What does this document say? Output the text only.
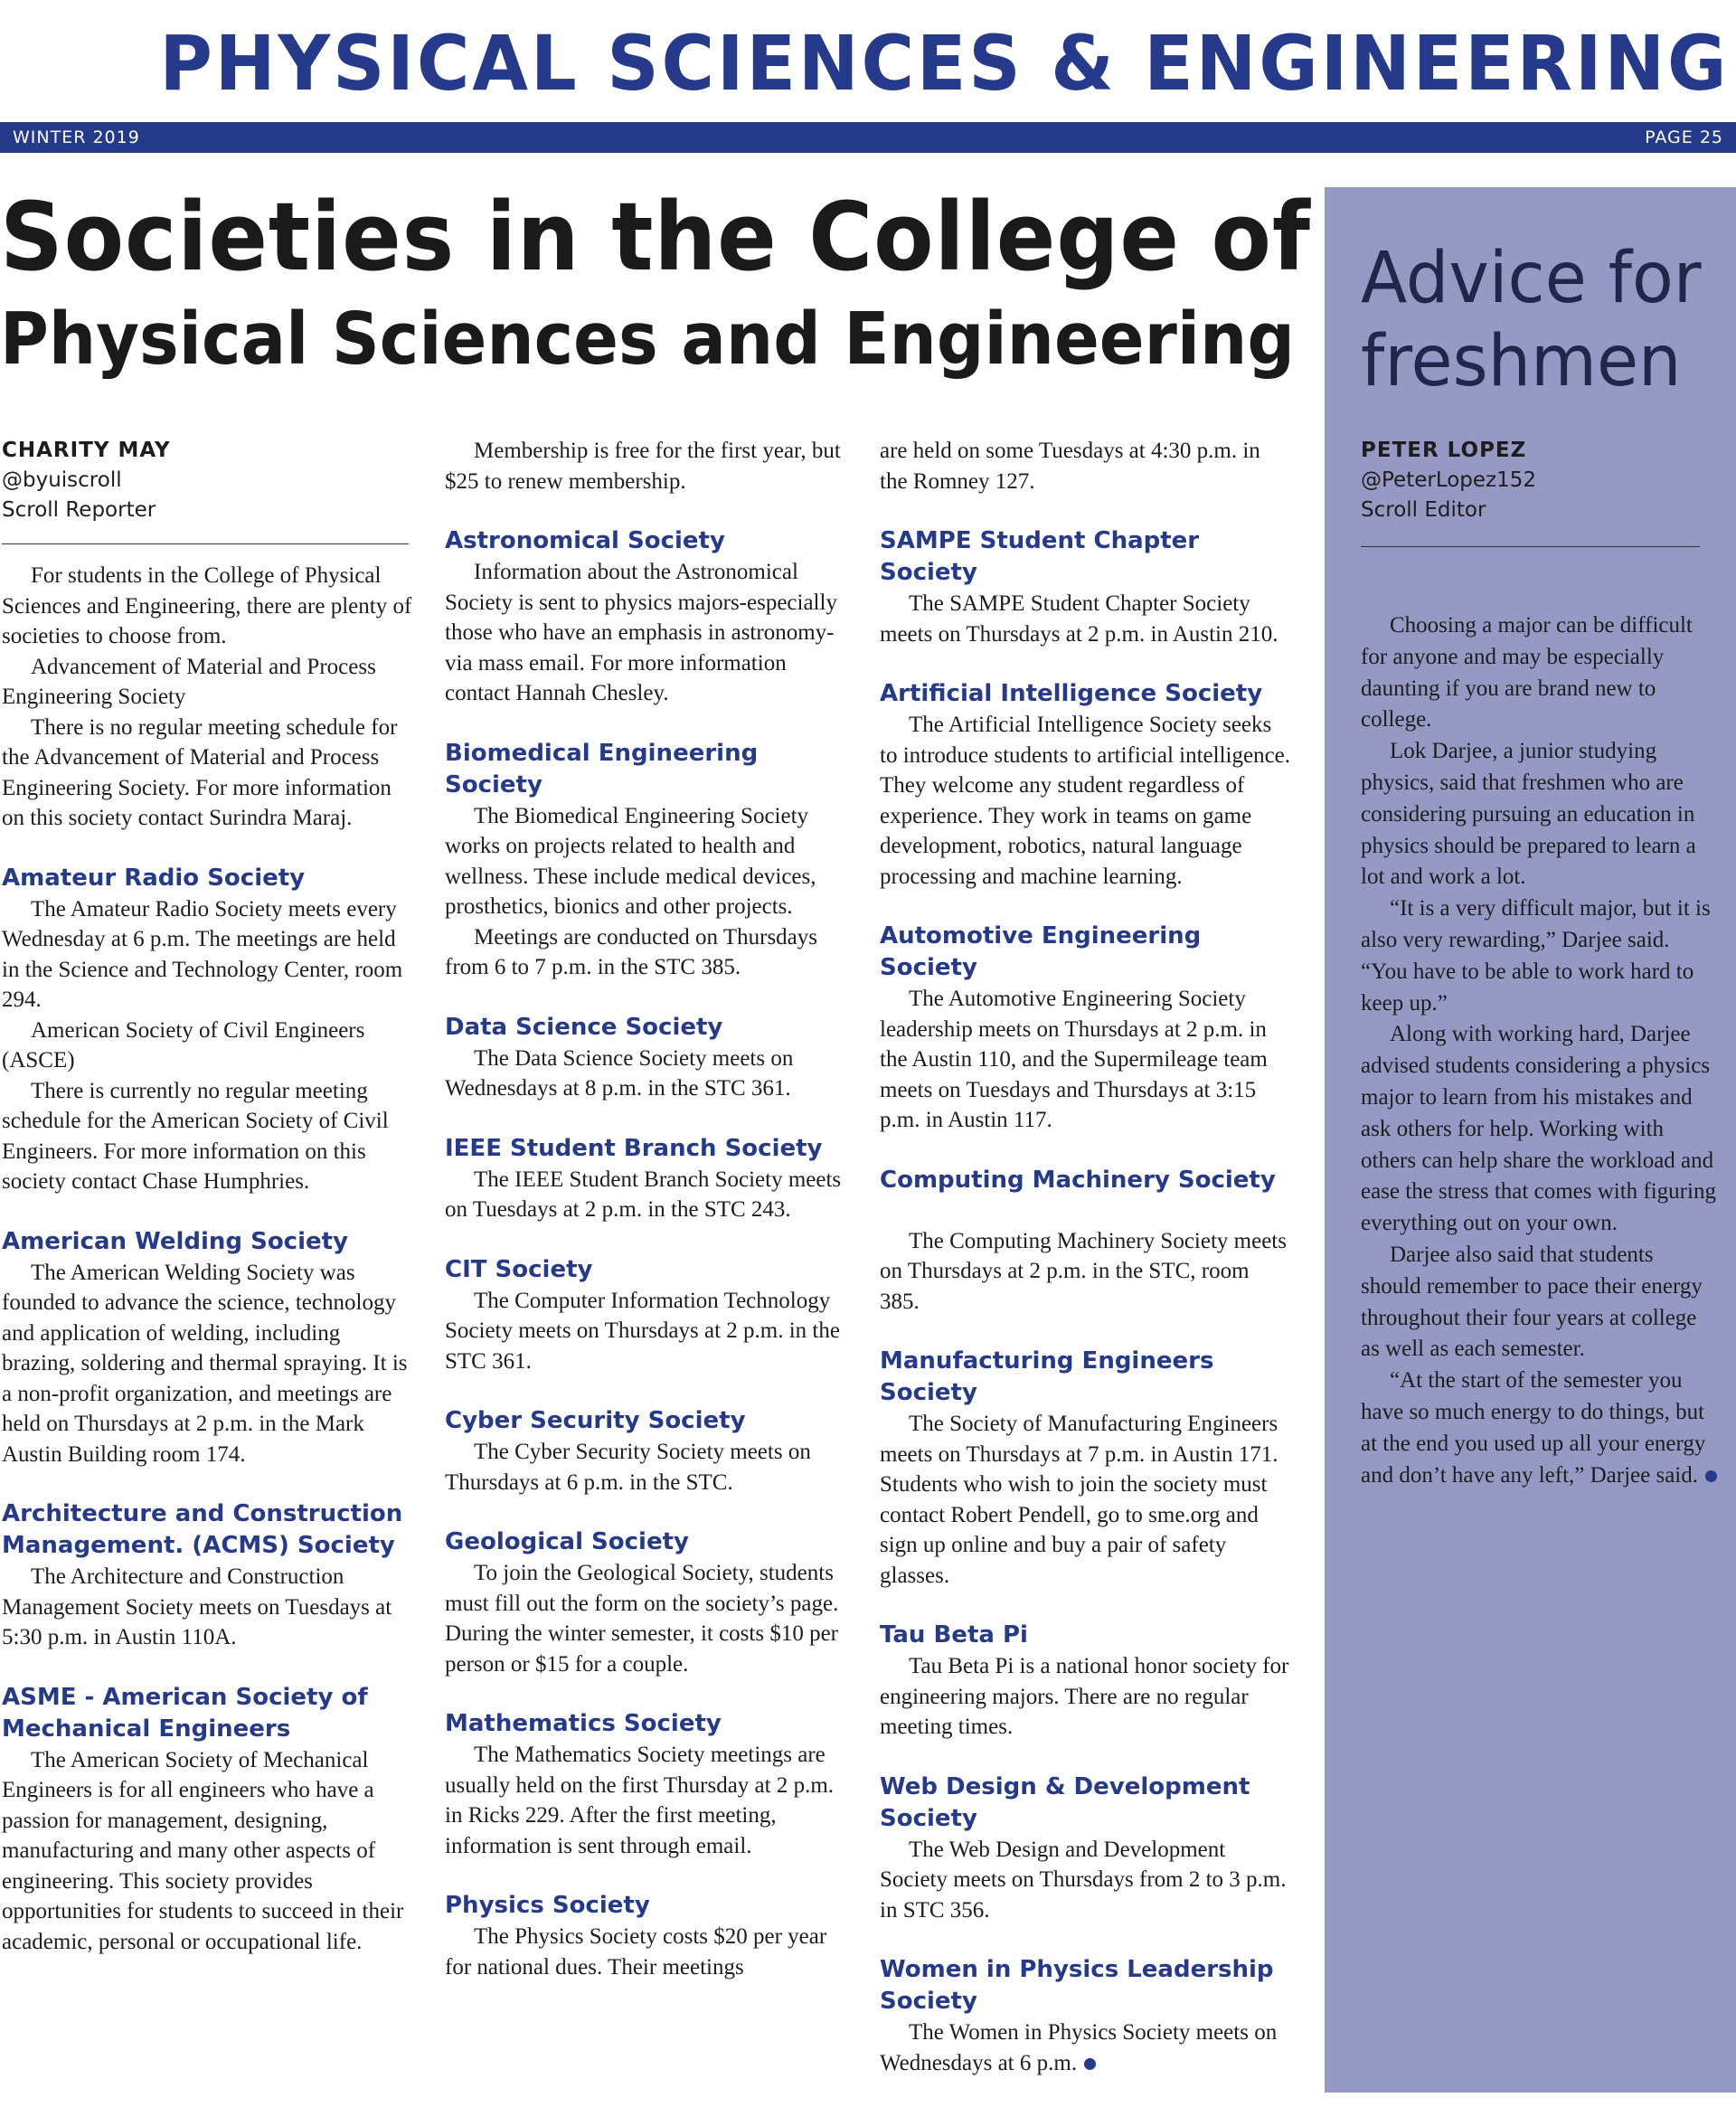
PHYSICAL SCIENCES & ENGINEERING
WINTER 2019	PAGE 25
Societies in the College of
Physical Sciences and Engineering
CHARITY MAY
@byuiscroll
Scroll Reporter

For students in the College of Physical Sciences and Engineering, there are plenty of societies to choose from.

Advancement of Material and Process Engineering Society

There is no regular meeting schedule for the Advancement of Material and Process Engineering Society. For more information on this society contact Surindra Maraj.

Amateur Radio Society

The Amateur Radio Society meets every Wednesday at 6 p.m. The meetings are held in the Science and Technology Center, room 294.

American Society of Civil Engineers (ASCE)

There is currently no regular meeting schedule for the American Society of Civil Engineers. For more information on this society contact Chase Humphries.

American Welding Society

The American Welding Society was founded to advance the science, technology and application of welding, including brazing, soldering and thermal spraying. It is a non-profit organization, and meetings are held on Thursdays at 2 p.m. in the Mark Austin Building room 174.

Architecture and Construction Management. (ACMS) Society

The Architecture and Construction Management Society meets on Tuesdays at 5:30 p.m. in Austin 110A.

ASME - American Society of Mechanical Engineers

The American Society of Mechanical Engineers is for all engineers who have a passion for management, designing, manufacturing and many other aspects of engineering. This society provides opportunities for students to succeed in their academic, personal or occupational life.

Membership is free for the first year, but $25 to renew membership.

Astronomical Society

Information about the Astronomical Society is sent to physics majors-especially those who have an emphasis in astronomy-via mass email. For more information contact Hannah Chesley.

Biomedical Engineering Society

The Biomedical Engineering Society works on projects related to health and wellness. These include medical devices, prosthetics, bionics and other projects.

Meetings are conducted on Thursdays from 6 to 7 p.m. in the STC 385.

Data Science Society

The Data Science Society meets on Wednesdays at 8 p.m. in the STC 361.

IEEE Student Branch Society

The IEEE Student Branch Society meets on Tuesdays at 2 p.m. in the STC 243.

CIT Society

The Computer Information Technology Society meets on Thursdays at 2 p.m. in the STC 361.

Cyber Security Society

The Cyber Security Society meets on Thursdays at 6 p.m. in the STC.

Geological Society

To join the Geological Society, students must fill out the form on the society’s page. During the winter semester, it costs $10 per person or $15 for a couple.

Mathematics Society

The Mathematics Society meetings are usually held on the first Thursday at 2 p.m. in Ricks 229. After the first meeting, information is sent through email.

Physics Society

The Physics Society costs $20 per year for national dues. Their meetings

are held on some Tuesdays at 4:30 p.m. in the Romney 127.

SAMPE Student Chapter Society

The SAMPE Student Chapter Society meets on Thursdays at 2 p.m. in Austin 210.

Artificial Intelligence Society

The Artificial Intelligence Society seeks to introduce students to artificial intelligence. They welcome any student regardless of experience. They work in teams on game development, robotics, natural language processing and machine learning.

Automotive Engineering Society

The Automotive Engineering Society leadership meets on Thursdays at 2 p.m. in the Austin 110, and the Supermileage team meets on Tuesdays and Thursdays at 3:15 p.m. in Austin 117.

Computing Machinery Society

The Computing Machinery Society meets on Thursdays at 2 p.m. in the STC, room 385.

Manufacturing Engineers Society

The Society of Manufacturing Engineers meets on Thursdays at 7 p.m. in Austin 171. Students who wish to join the society must contact Robert Pendell, go to sme.org and sign up online and buy a pair of safety glasses.

Tau Beta Pi

Tau Beta Pi is a national honor society for engineering majors. There are no regular meeting times.

Web Design & Development Society

The Web Design and Development Society meets on Thursdays from 2 to 3 p.m. in STC 356.

Women in Physics Leadership Society

The Women in Physics Society meets on Wednesdays at 6 p.m.

Advice for
freshmen
PETER LOPEZ
@PeterLopez152
Scroll Editor

Choosing a major can be difficult for anyone and may be especially daunting if you are brand new to college.

Lok Darjee, a junior studying physics, said that freshmen who are considering pursuing an education in physics should be prepared to learn a lot and work a lot.

“It is a very difficult major, but it is also very rewarding,” Darjee said. “You have to be able to work hard to keep up.”

Along with working hard, Darjee advised students considering a physics major to learn from his mistakes and ask others for help. Working with others can help share the workload and ease the stress that comes with figuring everything out on your own.

Darjee also said that students should remember to pace their energy throughout their four years at college as well as each semester.

“At the start of the semester you have so much energy to do things, but at the end you used up all your energy and don’t have any left,” Darjee said.
